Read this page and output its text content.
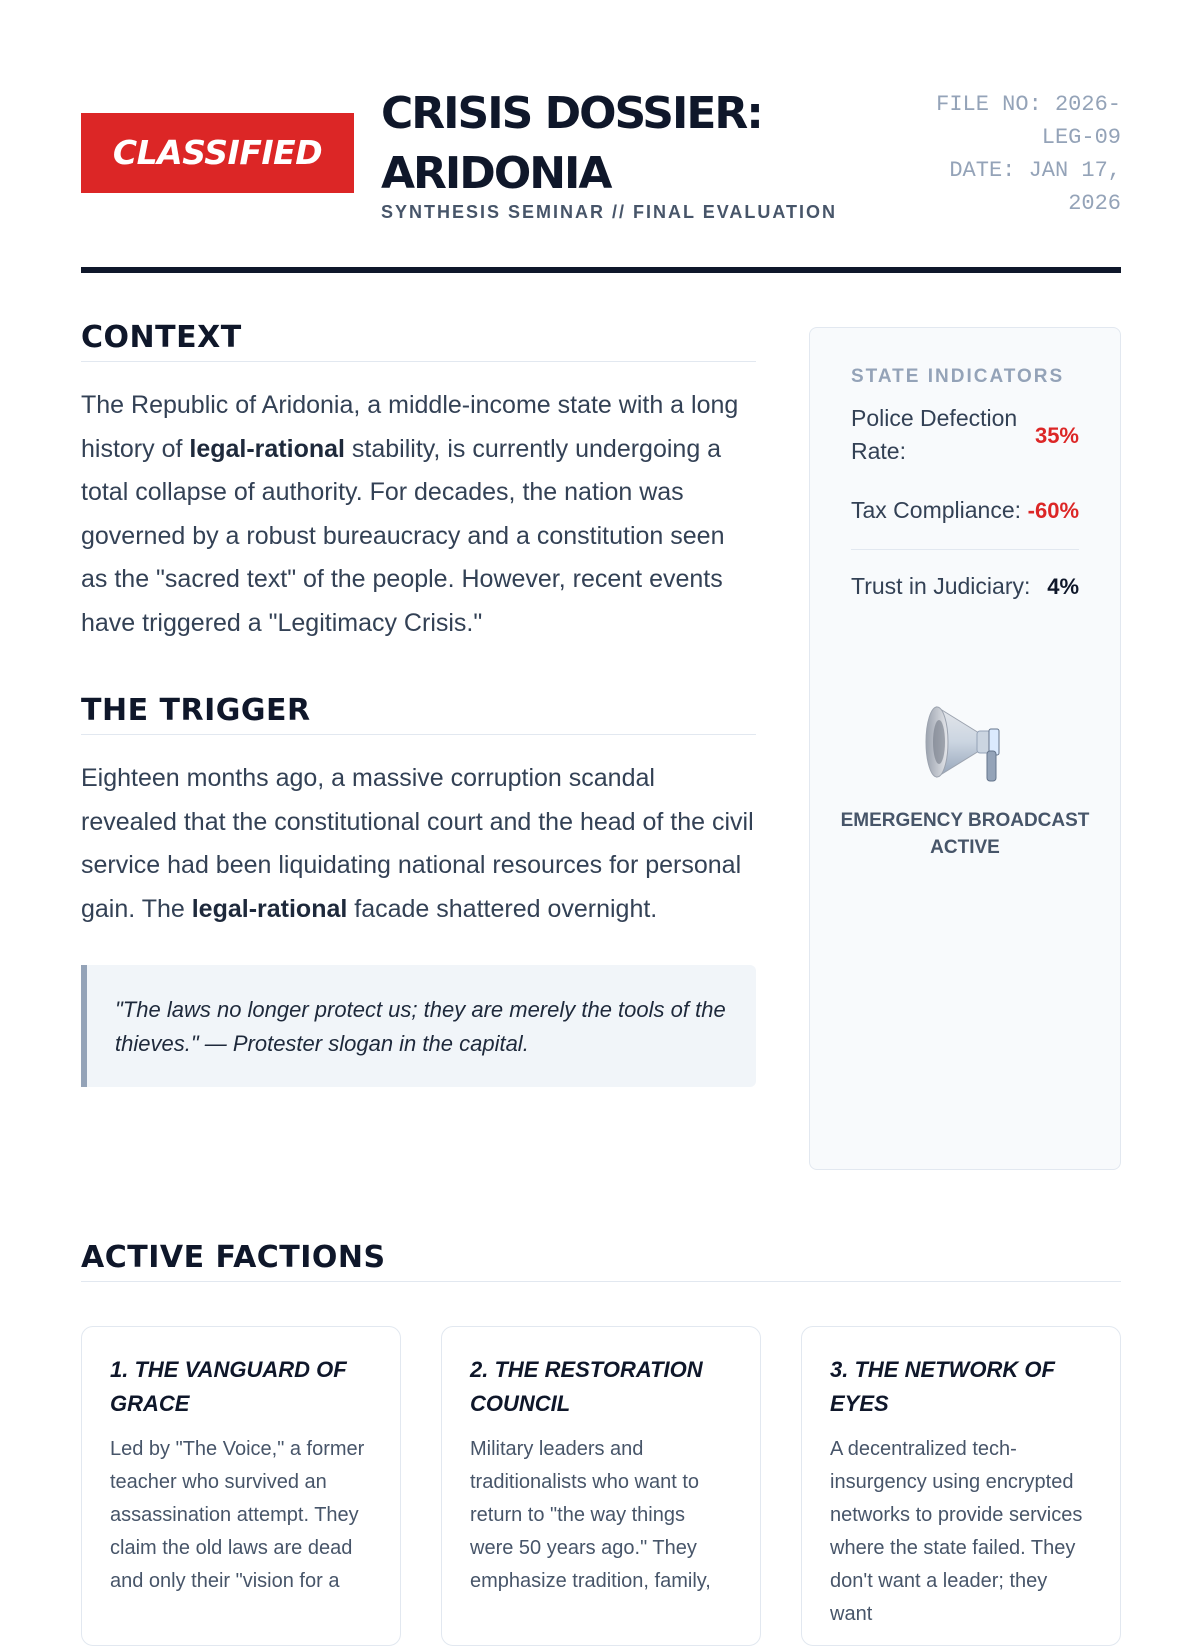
CLASSIFIED
CRISIS DOSSIER: ARIDONIA
SYNTHESIS SEMINAR // FINAL EVALUATION
FILE NO: 2026-LEG-09
DATE: JAN 17, 2026
CONTEXT

The Republic of Aridonia, a middle-income state with a long history of legal-rational stability, is currently undergoing a total collapse of authority. For decades, the nation was governed by a robust bureaucracy and a constitution seen as the "sacred text" of the people. However, recent events have triggered a "Legitimacy Crisis."

THE TRIGGER

Eighteen months ago, a massive corruption scandal revealed that the constitutional court and the head of the civil service had been liquidating national resources for personal gain. The legal-rational facade shattered overnight.

"The laws no longer protect us; they are merely the tools of the thieves." — Protester slogan in the capital.
STATE INDICATORS
Police Defection Rate:
35%
Tax Compliance: -60%
Trust in Judiciary: 4%
EMERGENCY BROADCAST ACTIVE
ACTIVE FACTIONS
1. THE VANGUARD OF GRACE

Led by "The Voice," a former teacher who survived an assassination attempt. They claim the old laws are dead and only their "vision for a

2. THE RESTORATION COUNCIL

Military leaders and traditionalists who want to return to "the way things were 50 years ago." They emphasize tradition, family,

3. THE NETWORK OF EYES

A decentralized tech-insurgency using encrypted networks to provide services where the state failed. They don't want a leader; they want
